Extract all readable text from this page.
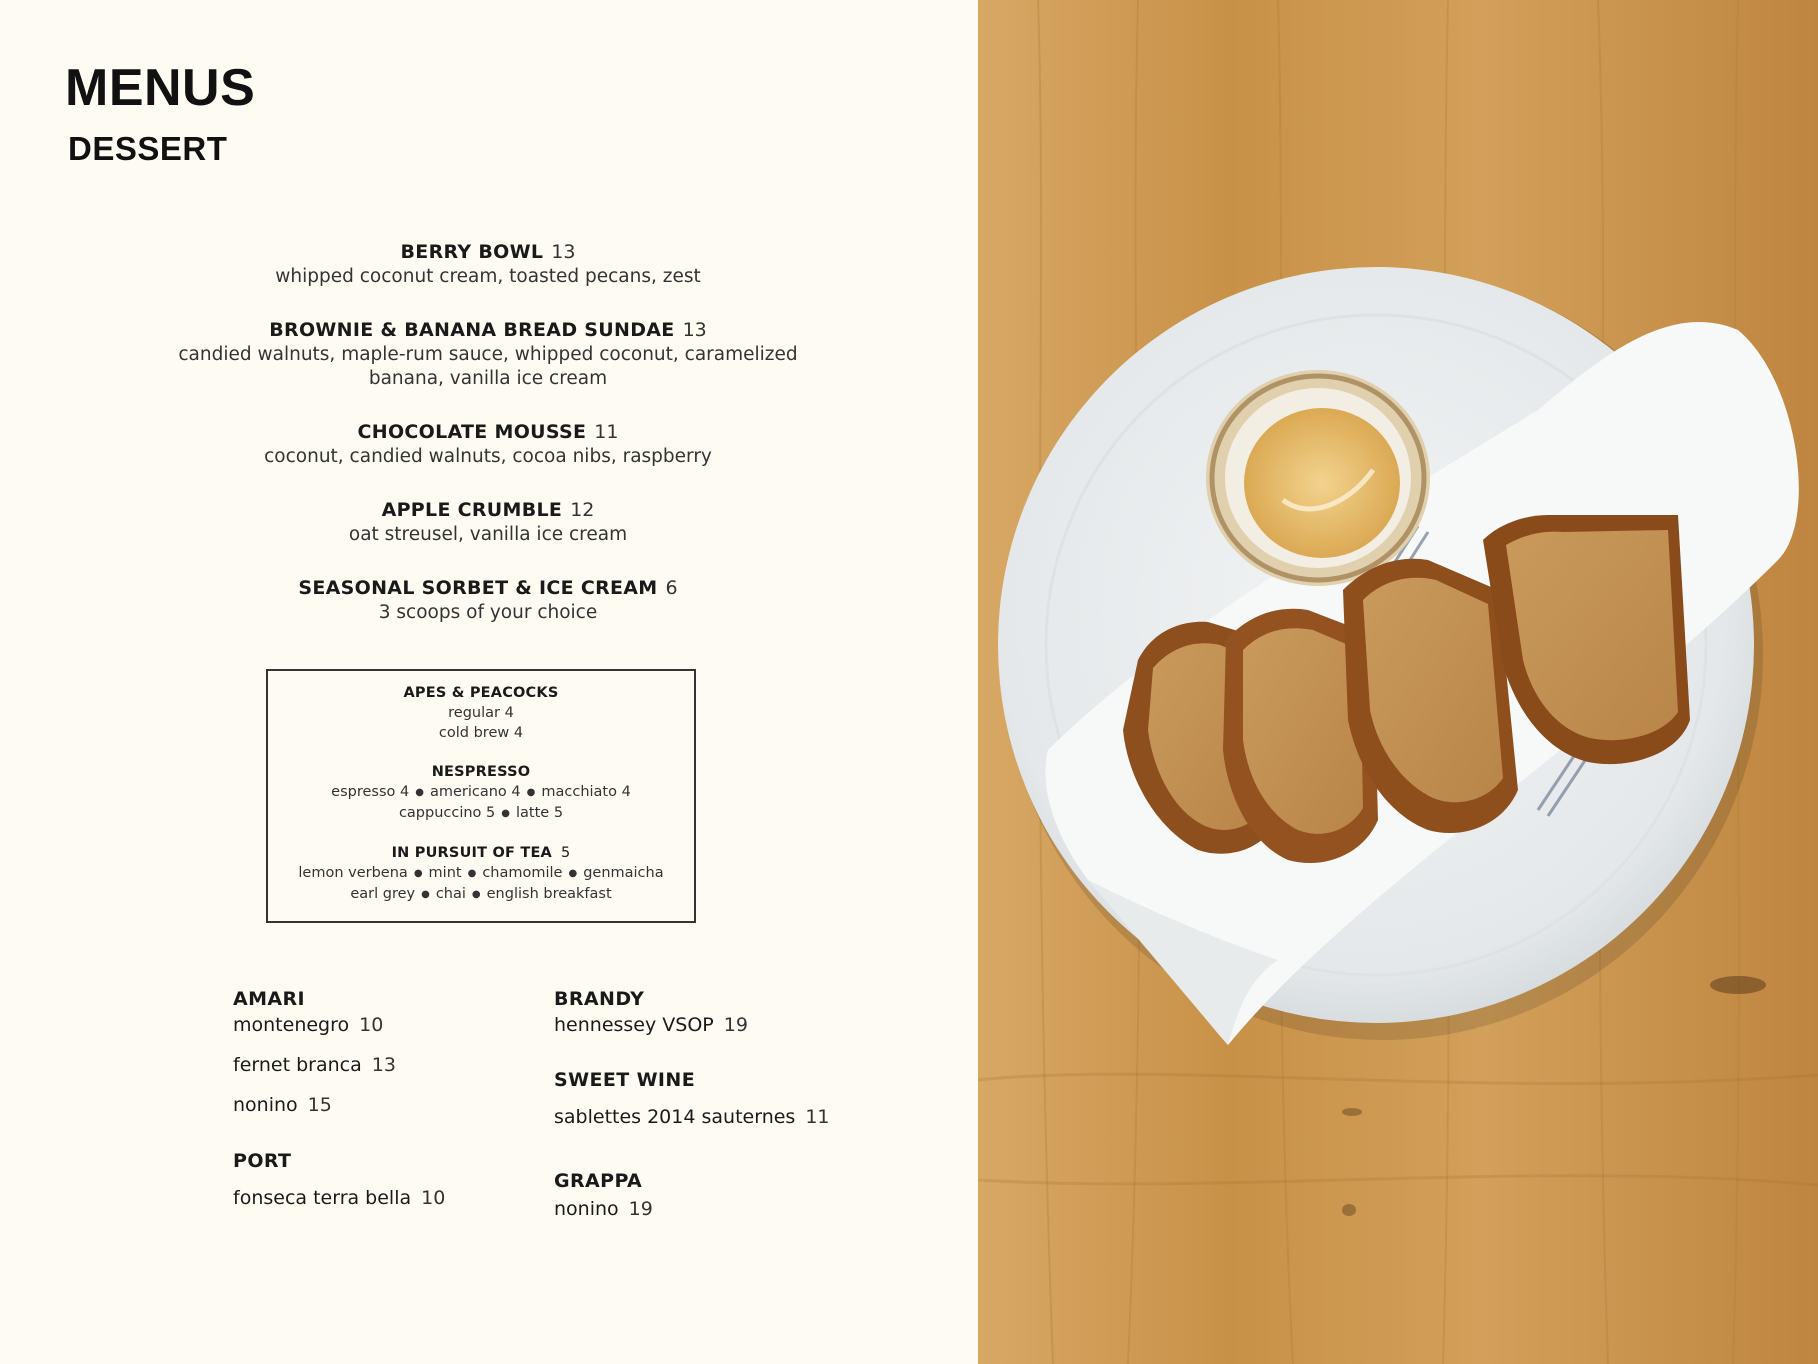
MENUS
DESSERT
BERRY BOWL 13
whipped coconut cream, toasted pecans, zest
BROWNIE & BANANA BREAD SUNDAE 13
candied walnuts, maple-rum sauce, whipped coconut, caramelized
banana, vanilla ice cream
CHOCOLATE MOUSSE 11
coconut, candied walnuts, cocoa nibs, raspberry
APPLE CRUMBLE 12
oat streusel, vanilla ice cream
SEASONAL SORBET & ICE CREAM 6
3 scoops of your choice
APES & PEACOCKS
regular 4
cold brew 4
NESPRESSO
espresso 4 ● americano 4 ● macchiato 4
cappuccino 5 ● latte 5
IN PURSUIT OF TEA 5
lemon verbena ● mint ● chamomile ● genmaicha
earl grey ● chai ● english breakfast
AMARI
montenegro 10
fernet branca 13
nonino 15
PORT
fonseca terra bella 10
BRANDY
hennessey VSOP 19
SWEET WINE
sablettes 2014 sauternes 11
GRAPPA
nonino 19
